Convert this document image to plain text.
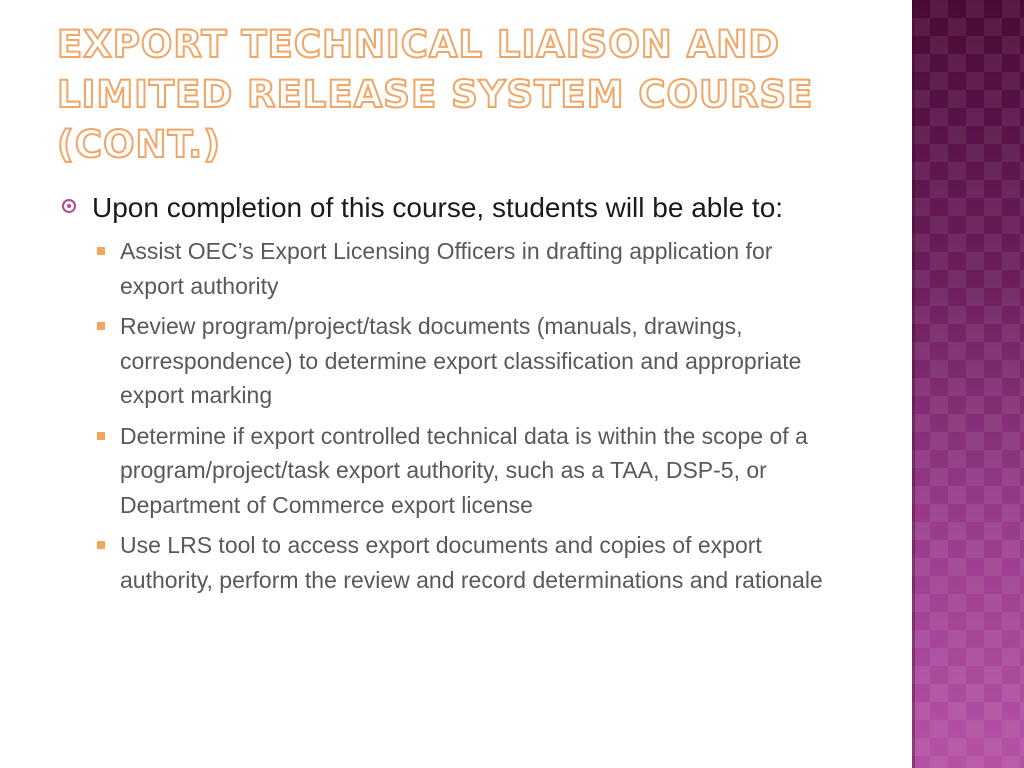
EXPORT TECHNICAL LIAISON AND LIMITED RELEASE SYSTEM COURSE (CONT.)
Upon completion of this course, students will be able to:
Assist OEC’s Export Licensing Officers in drafting application for export authority
Review program/project/task documents (manuals, drawings, correspondence) to determine export classification and appropriate export marking
Determine if export controlled technical data is within the scope of a program/project/task export authority, such as a TAA, DSP-5, or Department of Commerce export license
Use LRS tool to access export documents and copies of export authority, perform the review and record determinations and rationale
